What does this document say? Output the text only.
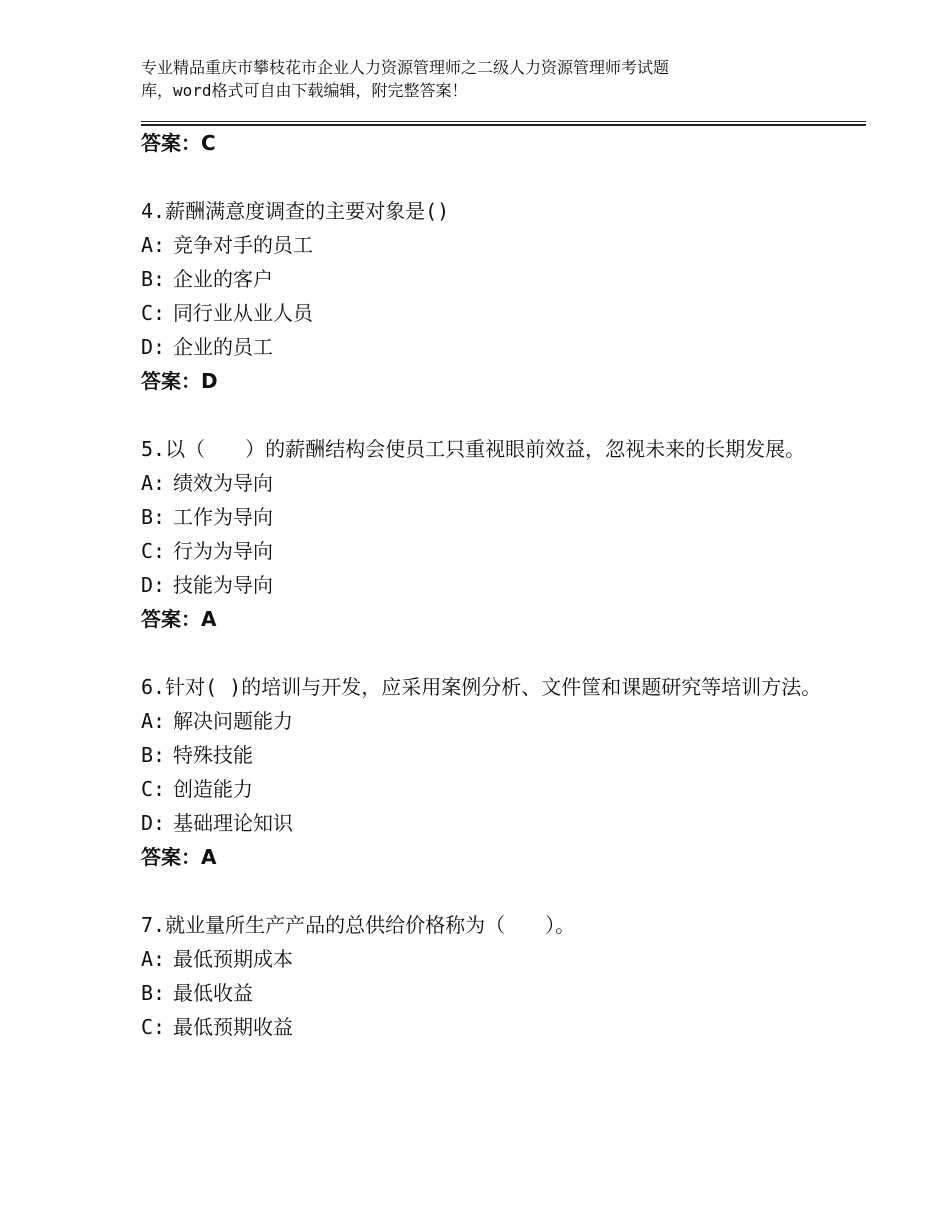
专业精品重庆市攀枝花市企业人力资源管理师之二级人力资源管理师考试题
库，word格式可自由下载编辑，附完整答案！
答案：C
4.薪酬满意度调查的主要对象是()
A: 竞争对手的员工
B: 企业的客户
C: 同行业从业人员
D: 企业的员工
答案：D
5.以（　　）的薪酬结构会使员工只重视眼前效益，忽视未来的长期发展。
A: 绩效为导向
B: 工作为导向
C: 行为为导向
D: 技能为导向
答案：A
6.针对( )的培训与开发，应采用案例分析、文件筐和课题研究等培训方法。
A: 解决问题能力
B: 特殊技能
C: 创造能力
D: 基础理论知识
答案：A
7.就业量所生产产品的总供给价格称为（　　）。
A: 最低预期成本
B: 最低收益
C: 最低预期收益
